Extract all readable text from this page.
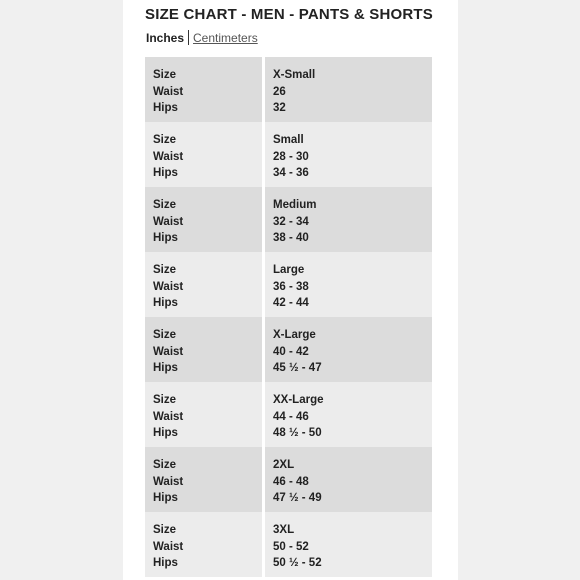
SIZE CHART - MEN - PANTS & SHORTS
Inches Centimeters
Size
Waist
Hips
X-Small
26
32
Size
Waist
Hips
Small
28 - 30
34 - 36
Size
Waist
Hips
Medium
32 - 34
38 - 40
Size
Waist
Hips
Large
36 - 38
42 - 44
Size
Waist
Hips
X-Large
40 - 42
45 ½ - 47
Size
Waist
Hips
XX-Large
44 - 46
48 ½ - 50
Size
Waist
Hips
2XL
46 - 48
47 ½ - 49
Size
Waist
Hips
3XL
50 - 52
50 ½ - 52
